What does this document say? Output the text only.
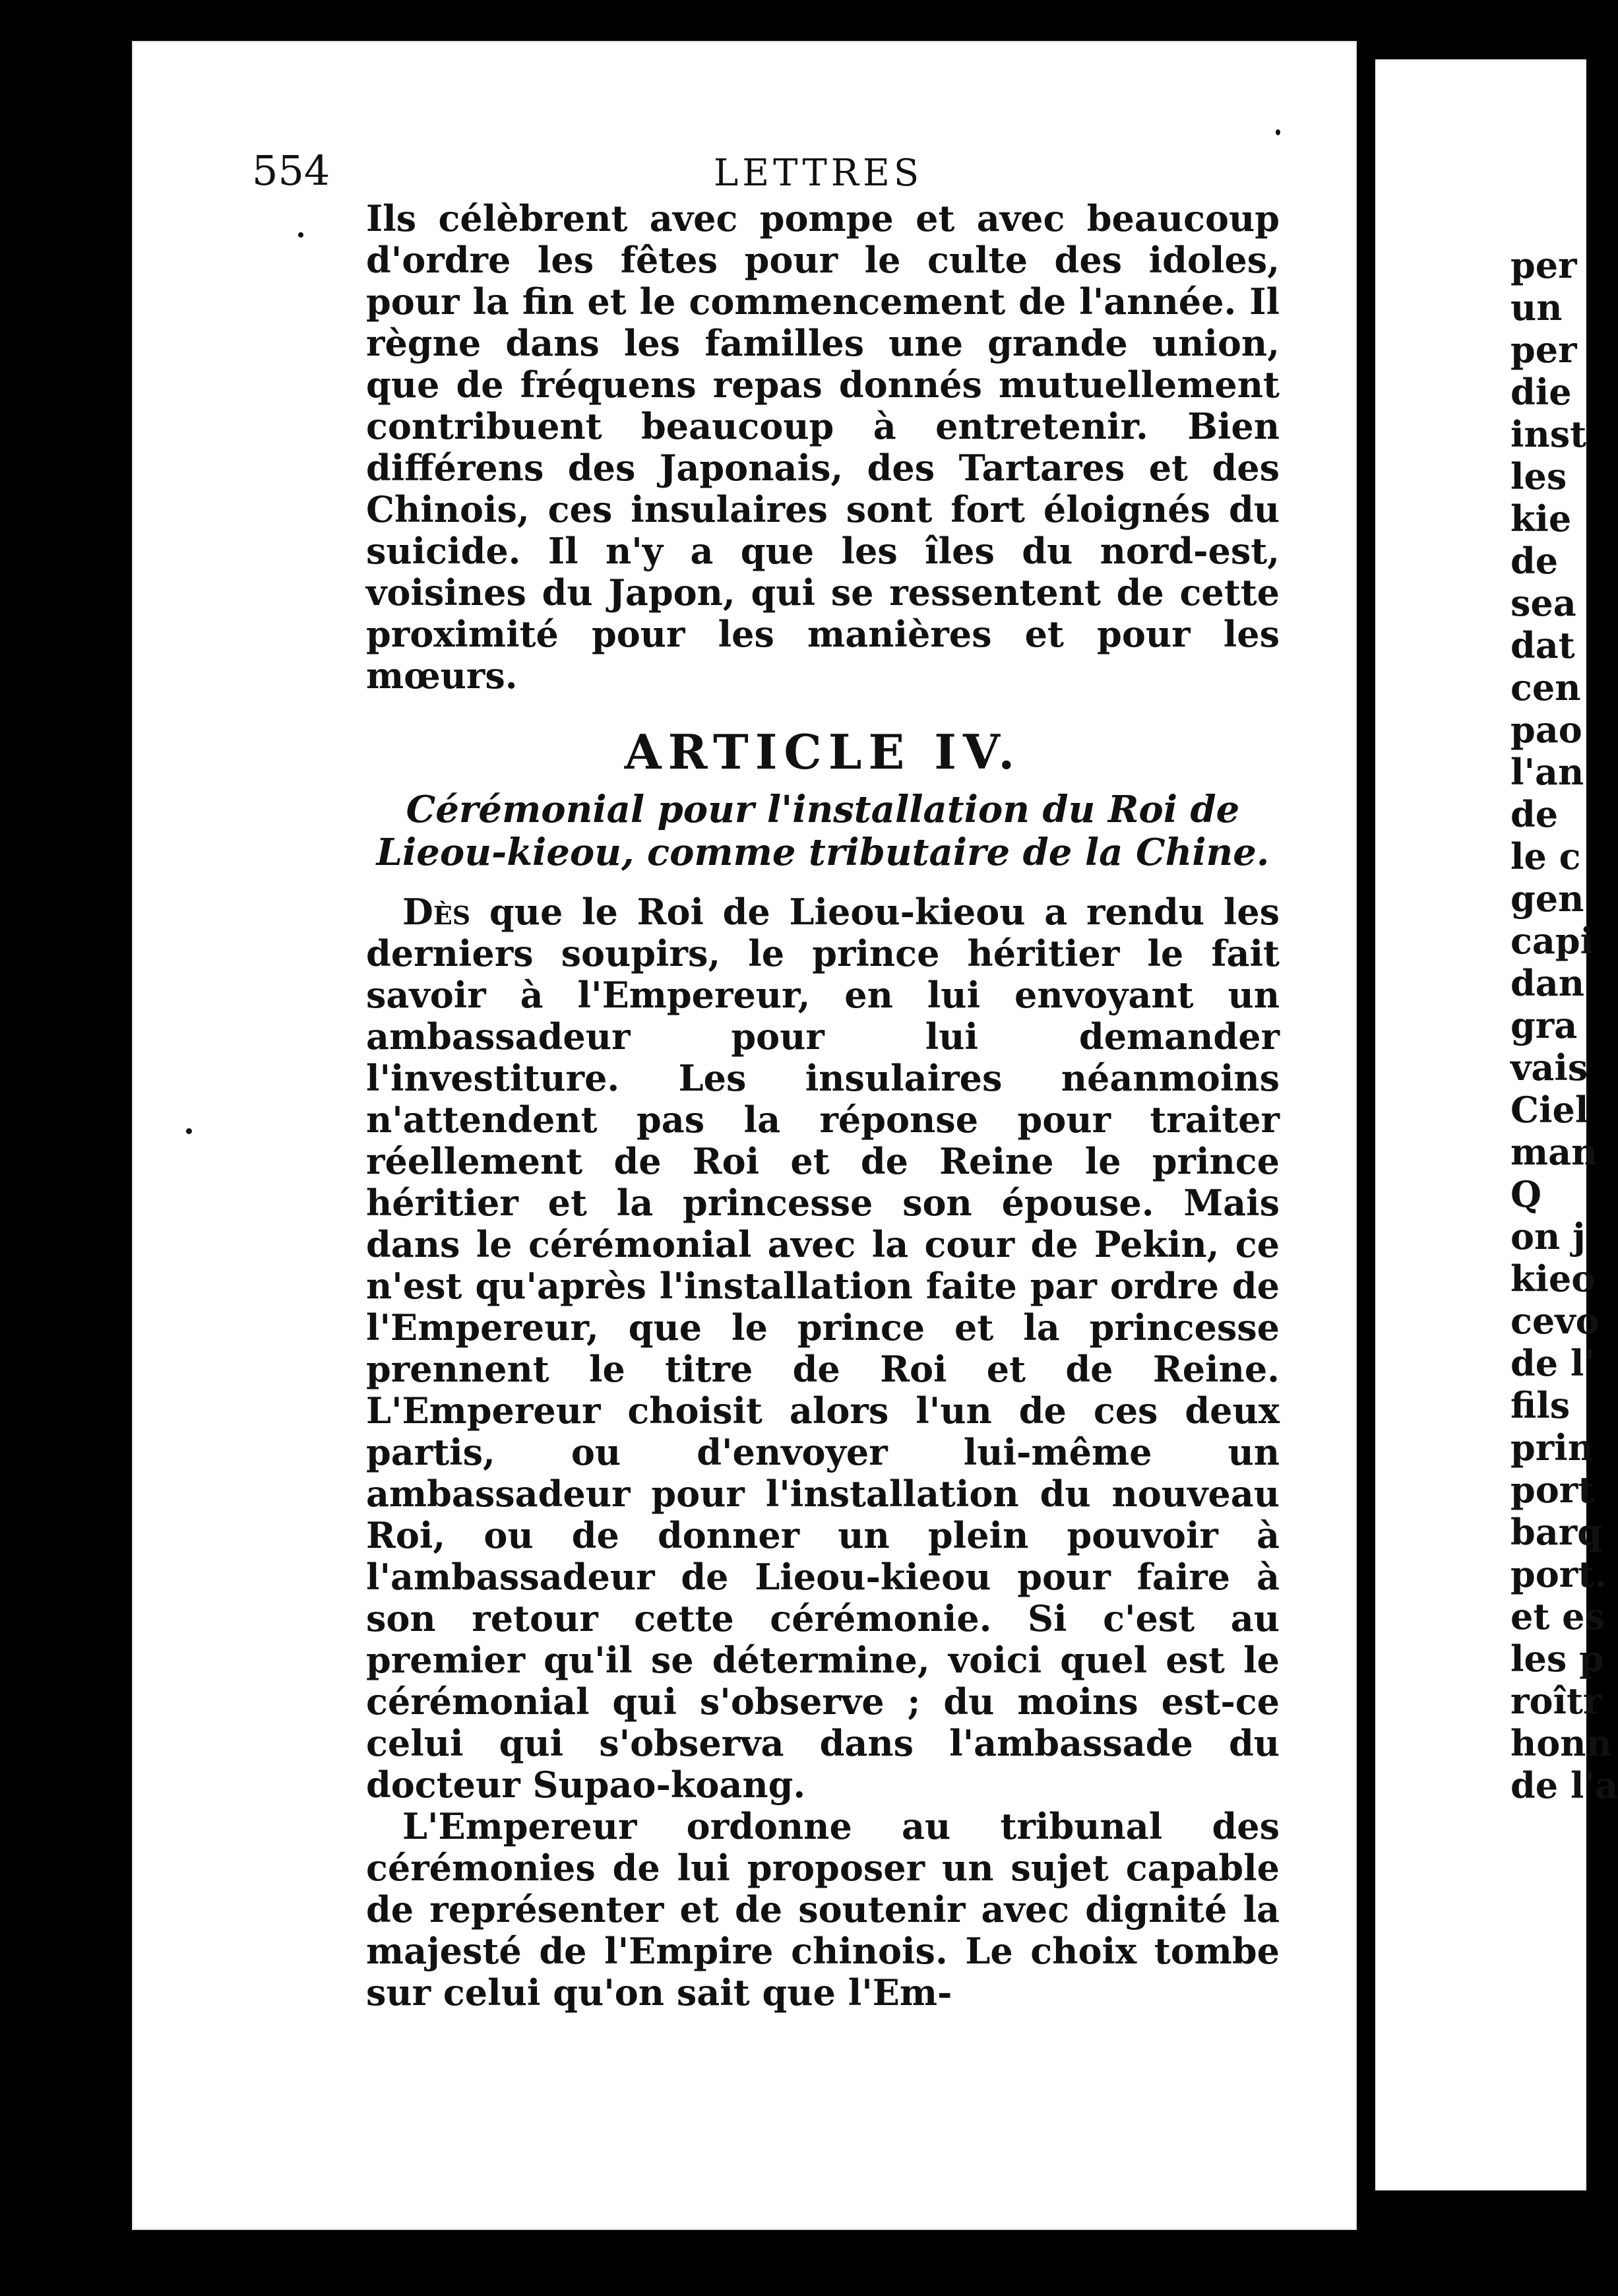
554	LETTRES

Ils célèbrent avec pompe et avec beaucoup d'ordre les fêtes pour le culte des idoles, pour la fin et le commencement de l'année. Il règne dans les familles une grande union, que de fréquens repas donnés mutuellement contribuent beaucoup à entretenir. Bien différens des Japonais, des Tartares et des Chinois, ces insulaires sont fort éloignés du suicide. Il n'y a que les îles du nord-est, voisines du Japon, qui se ressentent de cette proximité pour les manières et pour les mœurs.

ARTICLE IV.
Cérémonial pour l'installation du Roi de Lieou-kieou, comme tributaire de la Chine.

Dès que le Roi de Lieou-kieou a rendu les derniers soupirs, le prince héritier le fait savoir à l'Empereur, en lui envoyant un ambassadeur pour lui demander l'investiture. Les insulaires néanmoins n'attendent pas la réponse pour traiter réellement de Roi et de Reine le prince héritier et la princesse son épouse. Mais dans le cérémonial avec la cour de Pekin, ce n'est qu'après l'installation faite par ordre de l'Empereur, que le prince et la princesse prennent le titre de Roi et de Reine. L'Empereur choisit alors l'un de ces deux partis, ou d'envoyer lui-même un ambassadeur pour l'installation du nouveau Roi, ou de donner un plein pouvoir à l'ambassadeur de Lieou-kieou pour faire à son retour cette cérémonie. Si c'est au premier qu'il se détermine, voici quel est le cérémonial qui s'observe ; du moins est-ce celui qui s'observa dans l'ambassade du docteur Supao-koang.

L'Empereur ordonne au tribunal des cérémonies de lui proposer un sujet capable de représenter et de soutenir avec dignité la majesté de l'Empire chinois. Le choix tombe sur celui qu'on sait que l'Em-

per
un
per
die
inst
les
kie
de
sea
dat
cen
pao
l'an
de
le c
gen
capi
dan
gra
vais
Ciel
man
Q
on j
kieo
cevo
de l'
fils
prin
port
barq
port.
et es
les p
roîtr
honn
de l'a
